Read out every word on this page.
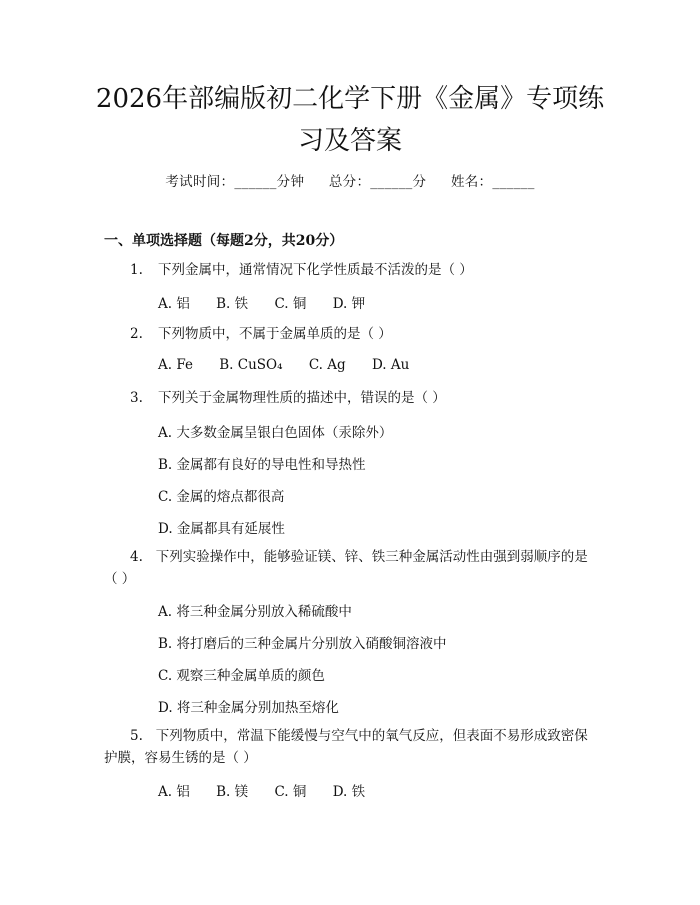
2026年部编版初二化学下册《金属》专项练
习及答案
考试时间：______分钟 总分：______分 姓名：______
一、单项选择题（每题2分，共20分）
1. 下列金属中，通常情况下化学性质最不活泼的是（ ）
A. 铝 B. 铁 C. 铜 D. 钾
2. 下列物质中，不属于金属单质的是（ ）
A. Fe B. CuSO₄ C. Ag D. Au
3. 下列关于金属物理性质的描述中，错误的是（ ）
A. 大多数金属呈银白色固体（汞除外）
B. 金属都有良好的导电性和导热性
C. 金属的熔点都很高
D. 金属都具有延展性
4. 下列实验操作中，能够验证镁、锌、铁三种金属活动性由强到弱顺序的是（ ）
A. 将三种金属分别放入稀硫酸中
B. 将打磨后的三种金属片分别放入硝酸铜溶液中
C. 观察三种金属单质的颜色
D. 将三种金属分别加热至熔化
5. 下列物质中，常温下能缓慢与空气中的氧气反应，但表面不易形成致密保护膜，容易生锈的是（ ）
A. 铝 B. 镁 C. 铜 D. 铁
